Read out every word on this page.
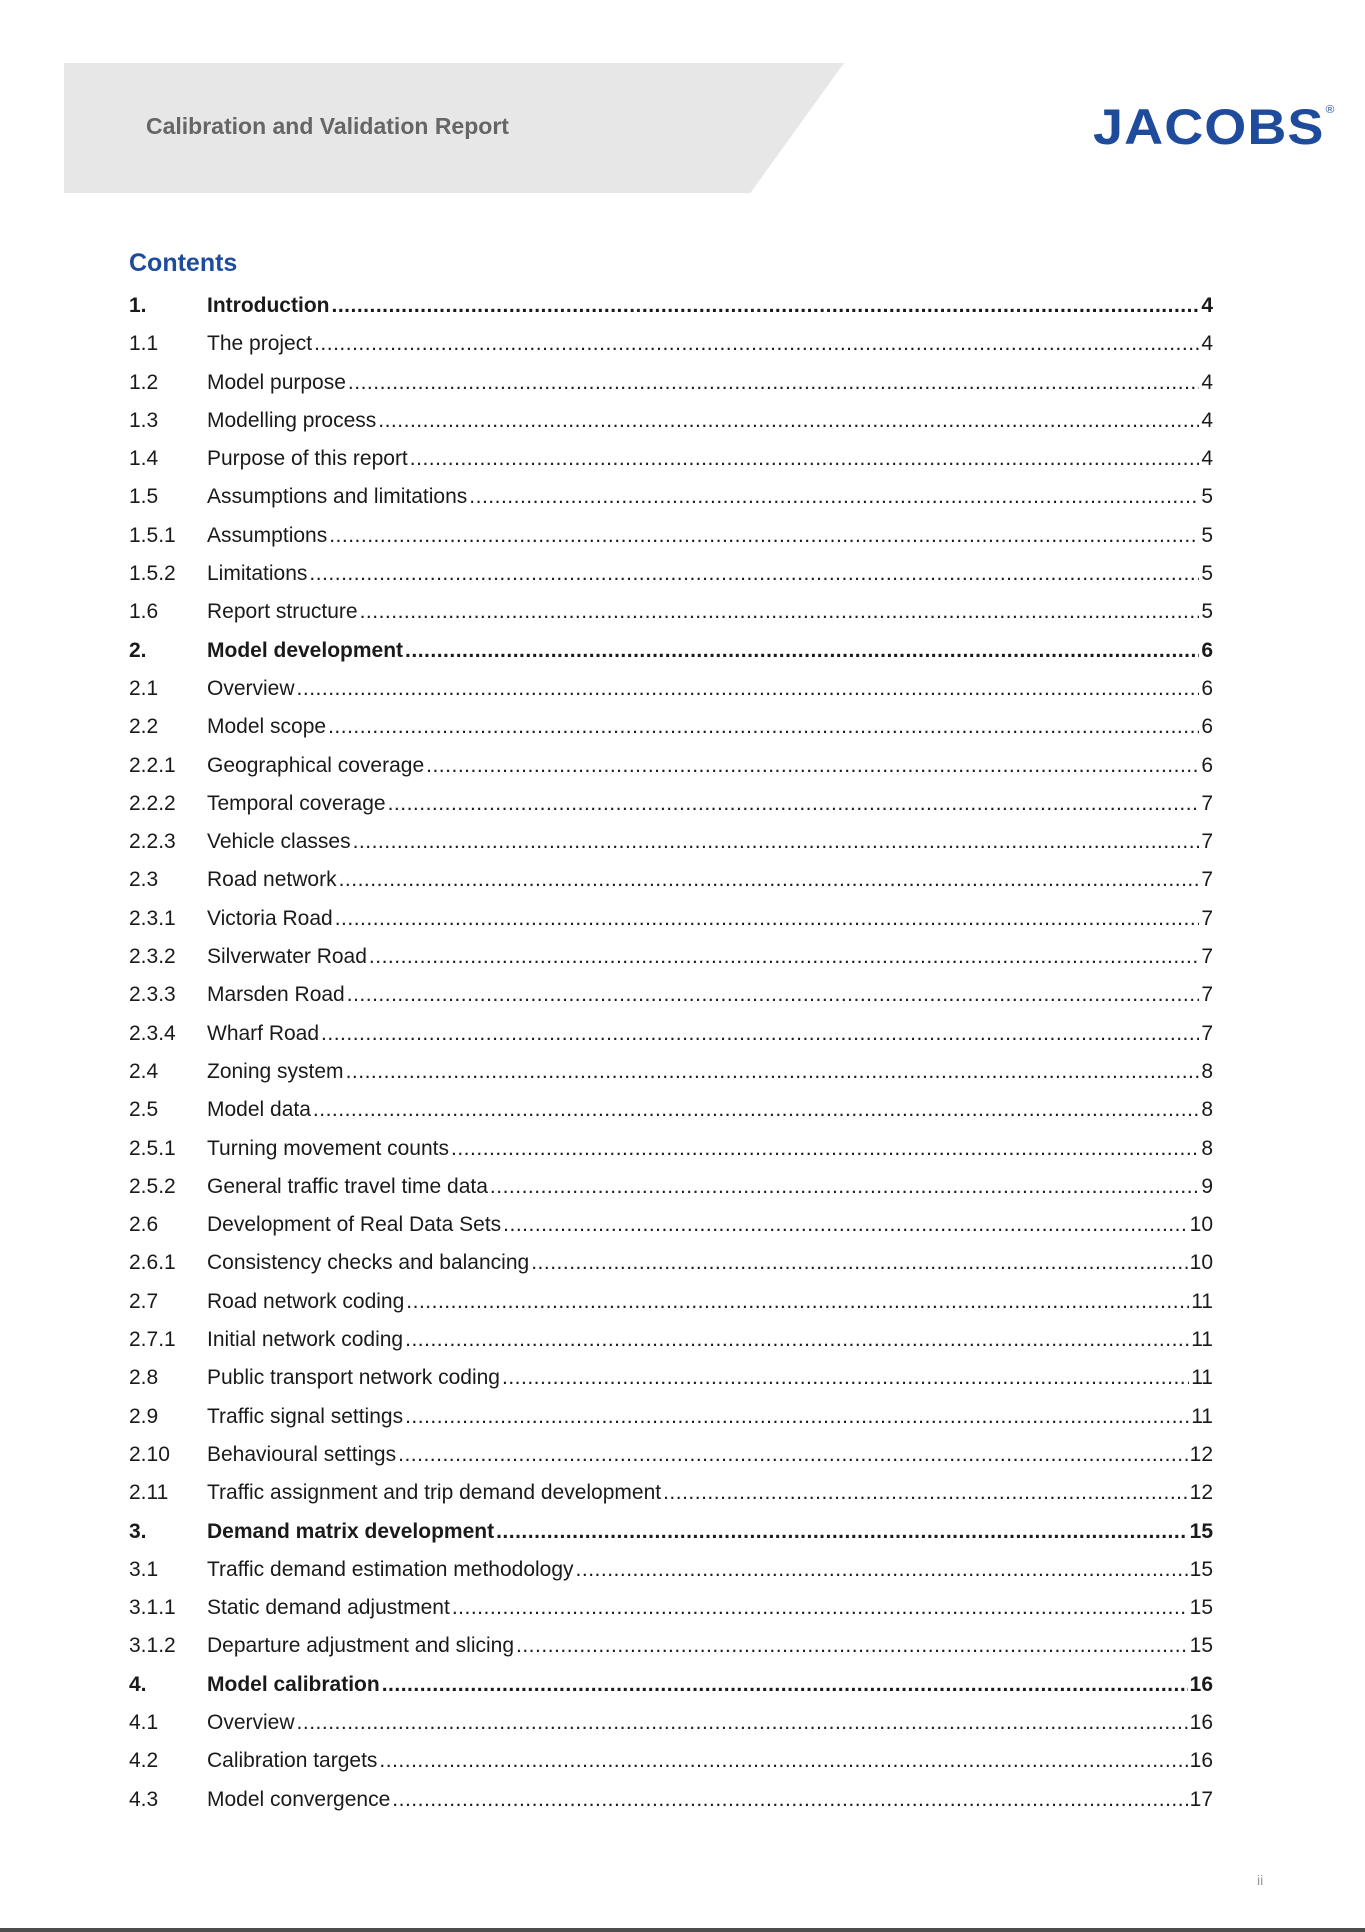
Calibration and Validation Report	JACOBS®
Contents
1.	Introduction .....	4
1.1	The project .....	4
1.2	Model purpose .....	4
1.3	Modelling process .....	4
1.4	Purpose of this report .....	4
1.5	Assumptions and limitations .....	5
1.5.1	Assumptions .....	5
1.5.2	Limitations .....	5
1.6	Report structure .....	5
2.	Model development .....	6
2.1	Overview .....	6
2.2	Model scope .....	6
2.2.1	Geographical coverage .....	6
2.2.2	Temporal coverage .....	7
2.2.3	Vehicle classes .....	7
2.3	Road network .....	7
2.3.1	Victoria Road .....	7
2.3.2	Silverwater Road .....	7
2.3.3	Marsden Road .....	7
2.3.4	Wharf Road .....	7
2.4	Zoning system .....	8
2.5	Model data .....	8
2.5.1	Turning movement counts .....	8
2.5.2	General traffic travel time data .....	9
2.6	Development of Real Data Sets .....	10
2.6.1	Consistency checks and balancing .....	10
2.7	Road network coding .....	11
2.7.1	Initial network coding .....	11
2.8	Public transport network coding .....	11
2.9	Traffic signal settings .....	11
2.10	Behavioural settings .....	12
2.11	Traffic assignment and trip demand development .....	12
3.	Demand matrix development .....	15
3.1	Traffic demand estimation methodology .....	15
3.1.1	Static demand adjustment .....	15
3.1.2	Departure adjustment and slicing .....	15
4.	Model calibration .....	16
4.1	Overview .....	16
4.2	Calibration targets .....	16
4.3	Model convergence .....	17
ii
